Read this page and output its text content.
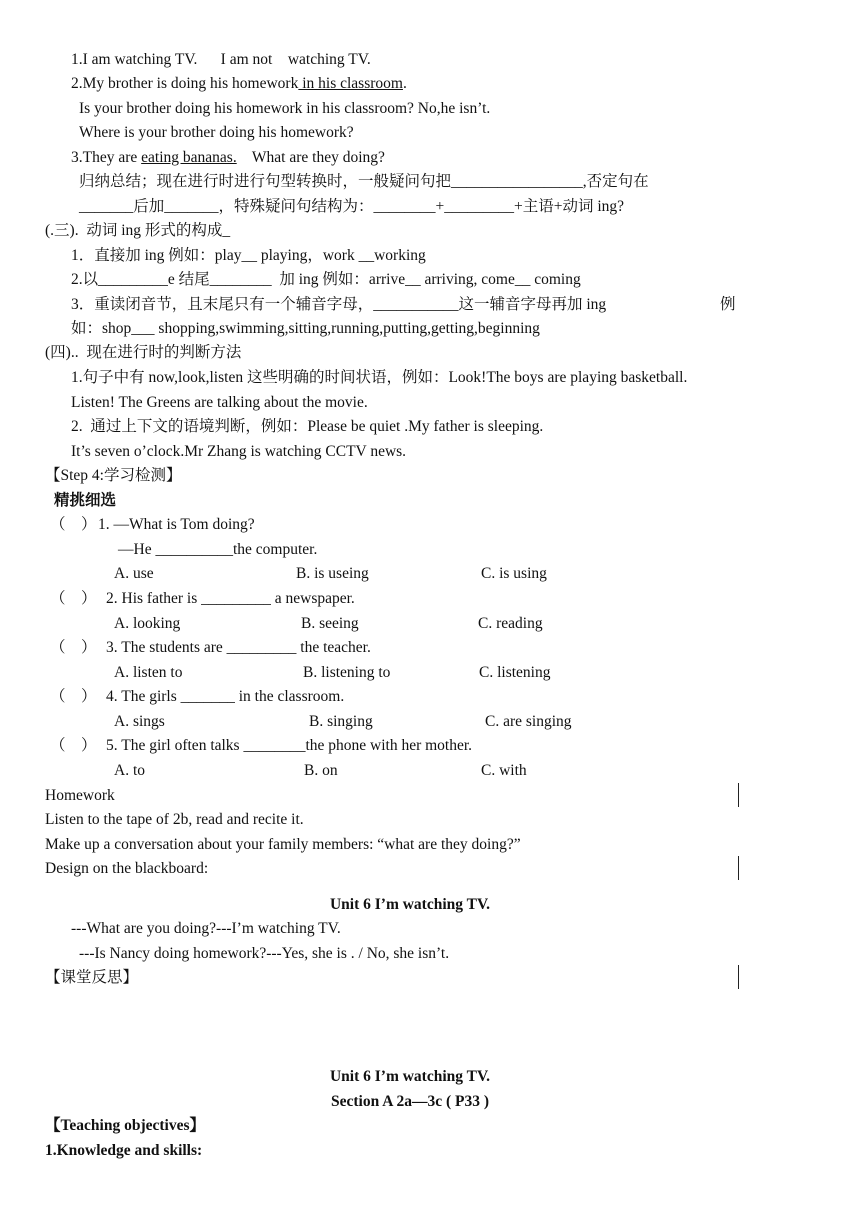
1.I am watching TV.      I am not    watching TV.
2.My brother is doing his homework in his classroom.
Is your brother doing his homework in his classroom? No,he isn’t.
Where is your brother doing his homework?
3.They are eating bananas.    What are they doing?
归纳总结；现在进行时进行句型转换时，一般疑问句把_________________,否定句在
_______后加_______，特殊疑问句结构为：________+_________+主语+动词 ing?
(.三).  动词 ing 形式的构成_
1．直接加 ing 例如：play__ playing，work __working
2.以_________e 结尾________  加 ing 例如：arrive__ arriving, come__ coming
3．重读闭音节，且末尾只有一个辅音字母，___________这一辅音字母再加 ing	例
如：shop___ shopping,swimming,sitting,running,putting,getting,beginning
(四)..  现在进行时的判断方法
1.句子中有 now,look,listen 这些明确的时间状语，例如：Look!The boys are playing basketball.
Listen! The Greens are talking about the movie.
2.  通过上下文的语境判断，例如：Please be quiet .My father is sleeping.
It’s seven o’clock.Mr Zhang is watching CCTV news.
【Step 4:学习检测】
精挑细选
（    ） 1. —What is Tom doing?
—He __________the computer.
A. use	B. is useing	C. is using
（    ） 2. His father is _________ a newspaper.
A. looking	B. seeing	C. reading
（    ） 3. The students are _________ the teacher.
A. listen to	B. listening to	C. listening
（    ） 4. The girls _______ in the classroom.
A. sings	B. singing	C. are singing
（    ） 5. The girl often talks ________the phone with her mother.
A. to	B. on	C. with
Homework
Listen to the tape of 2b, read and recite it.
Make up a conversation about your family members: “what are they doing?”
Design on the blackboard:
Unit 6 I’m watching TV.
---What are you doing?---I’m watching TV.
---Is Nancy doing homework?---Yes, she is . / No, she isn’t.
【课堂反思】
Unit 6 I’m watching TV.
Section A 2a—3c ( P33 )
【Teaching objectives】
1.Knowledge and skills:
